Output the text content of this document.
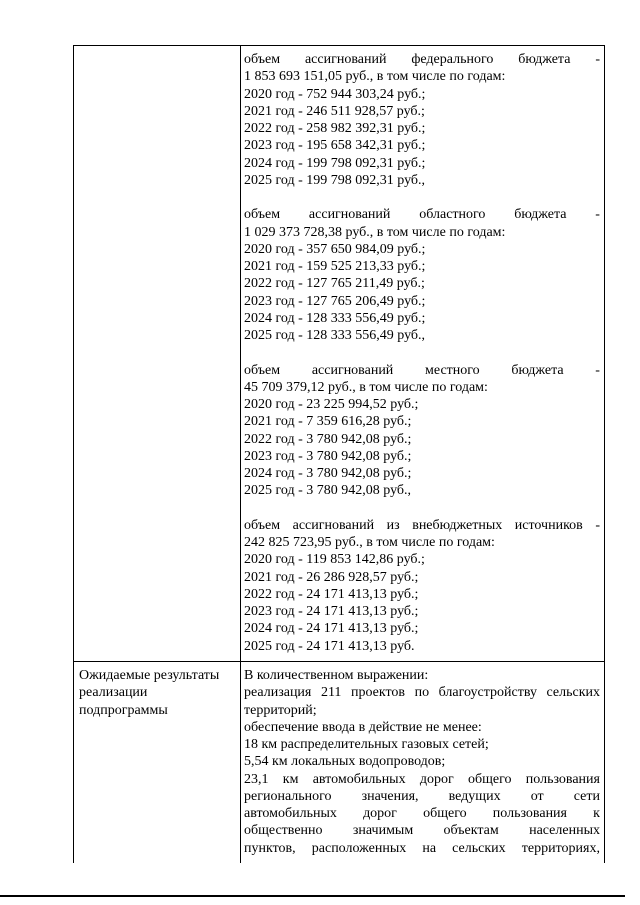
объем ассигнований федерального бюджета -
1 853 693 151,05 руб., в том числе по годам:
2020 год - 752 944 303,24 руб.;
2021 год - 246 511 928,57 руб.;
2022 год - 258 982 392,31 руб.;
2023 год - 195 658 342,31 руб.;
2024 год - 199 798 092,31 руб.;
2025 год - 199 798 092,31 руб.,
объем ассигнований областного бюджета -
1 029 373 728,38 руб., в том числе по годам:
2020 год - 357 650 984,09 руб.;
2021 год - 159 525 213,33 руб.;
2022 год - 127 765 211,49 руб.;
2023 год - 127 765 206,49 руб.;
2024 год - 128 333 556,49 руб.;
2025 год - 128 333 556,49 руб.,
объем ассигнований местного бюджета -
45 709 379,12 руб., в том числе по годам:
2020 год - 23 225 994,52 руб.;
2021 год - 7 359 616,28 руб.;
2022 год - 3 780 942,08 руб.;
2023 год - 3 780 942,08 руб.;
2024 год - 3 780 942,08 руб.;
2025 год - 3 780 942,08 руб.,
объем ассигнований из внебюджетных источников -
242 825 723,95 руб., в том числе по годам:
2020 год - 119 853 142,86 руб.;
2021 год - 26 286 928,57 руб.;
2022 год - 24 171 413,13 руб.;
2023 год - 24 171 413,13 руб.;
2024 год - 24 171 413,13 руб.;
2025 год - 24 171 413,13 руб.
Ожидаемые результаты
реализации
подпрограммы
В количественном выражении:
реализация 211 проектов по благоустройству сельских
территорий;
обеспечение ввода в действие не менее:
18 км распределительных газовых сетей;
5,54 км локальных водопроводов;
23,1 км автомобильных дорог общего пользования
регионального значения, ведущих от сети
автомобильных дорог общего пользования к
общественно значимым объектам населенных
пунктов, расположенных на сельских территориях,
